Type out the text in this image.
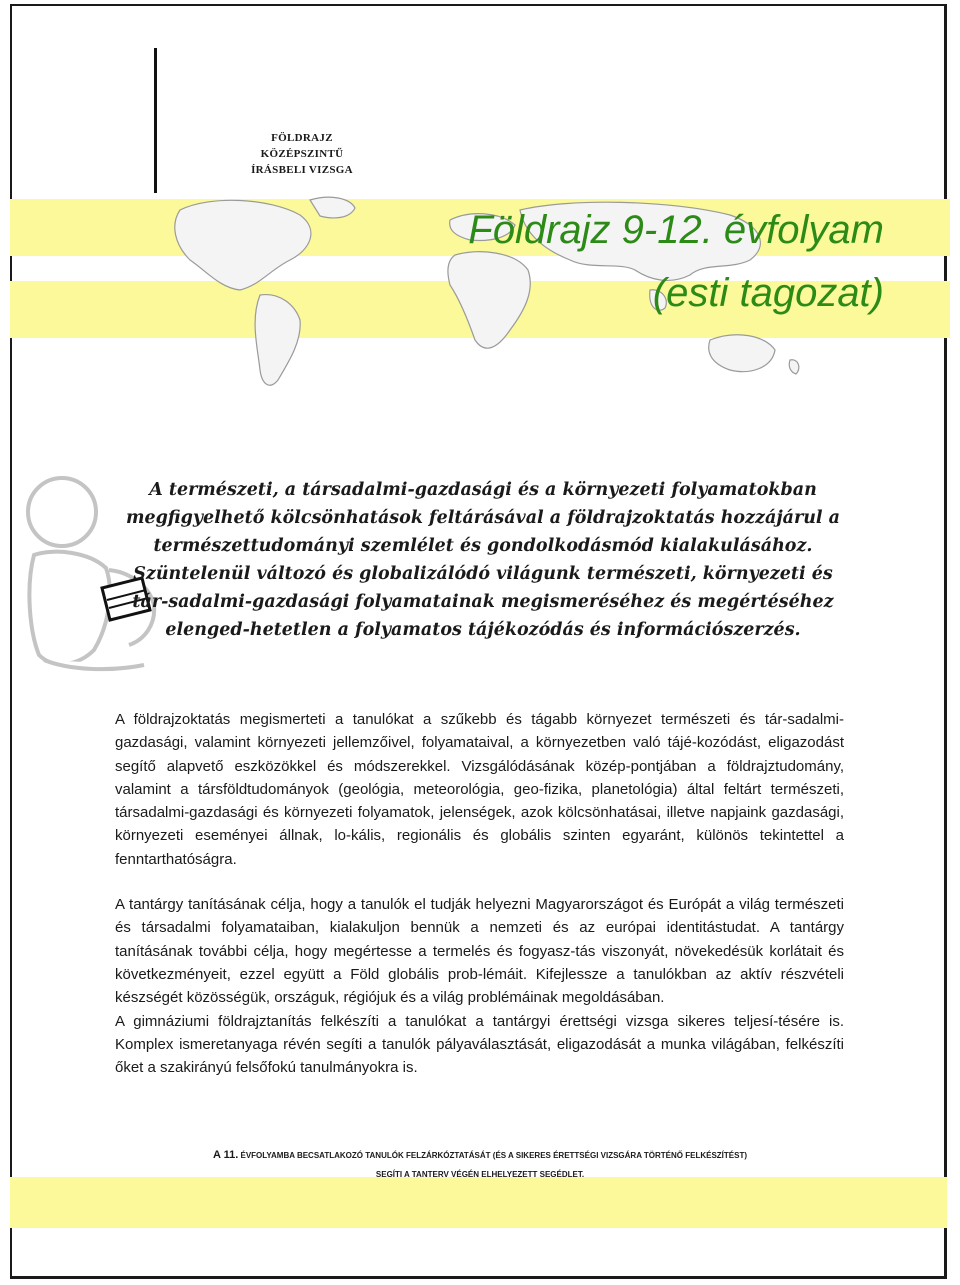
FÖLDRAJZ
KÖZÉPSZINTŰ
ÍRÁSBELI VIZSGA
Földrajz 9-12. évfolyam
(esti tagozat)

A természeti, a társadalmi-gazdasági és a környezeti folyamatokban megfigyelhető kölcsönhatások feltárásával a földrajzoktatás hozzájárul a természettudományi szemlélet és gondolkodásmód kialakulásához. Szüntelenül változó és globalizálódó világunk természeti, környezeti és tár-sadalmi-gazdasági folyamatainak megismeréséhez és megértéséhez elenged-hetetlen a folyamatos tájékozódás és információszerzés.

A földrajzoktatás megismerteti a tanulókat a szűkebb és tágabb környezet természeti és tár-sadalmi-gazdasági, valamint környezeti jellemzőivel, folyamataival, a környezetben való tájé-kozódást, eligazodást segítő alapvető eszközökkel és módszerekkel. Vizsgálódásának közép-pontjában a földrajztudomány, valamint a társföldtudományok (geológia, meteorológia, geo-fizika, planetológia) által feltárt természeti, társadalmi-gazdasági és környezeti folyamatok, jelenségek, azok kölcsönhatásai, illetve napjaink gazdasági, környezeti eseményei állnak, lo-kális, regionális és globális szinten egyaránt, különös tekintettel a fenntarthatóságra.

A tantárgy tanításának célja, hogy a tanulók el tudják helyezni Magyarországot és Európát a világ természeti és társadalmi folyamataiban, kialakuljon bennük a nemzeti és az európai identitástudat. A tantárgy tanításának további célja, hogy megértesse a termelés és fogyasz-tás viszonyát, növekedésük korlátait és következményeit, ezzel együtt a Föld globális prob-lémáit. Kifejlessze a tanulókban az aktív részvételi készségét közösségük, országuk, régiójuk és a világ problémáinak megoldásában.

A gimnáziumi földrajztanítás felkészíti a tanulókat a tantárgyi érettségi vizsga sikeres teljesí-tésére is. Komplex ismeretanyaga révén segíti a tanulók pályaválasztását, eligazodását a munka világában, felkészíti őket a szakirányú felsőfokú tanulmányokra is.

A 11. ÉVFOLYAMBA BECSATLAKOZÓ TANULÓK FELZÁRKÓZTATÁSÁT (ÉS A SIKERES ÉRETTSÉGI VIZSGÁRA TÖRTÉNŐ FELKÉSZÍTÉST)
SEGÍTI A TANTERV VÉGÉN ELHELYEZETT SEGÉDLET.
